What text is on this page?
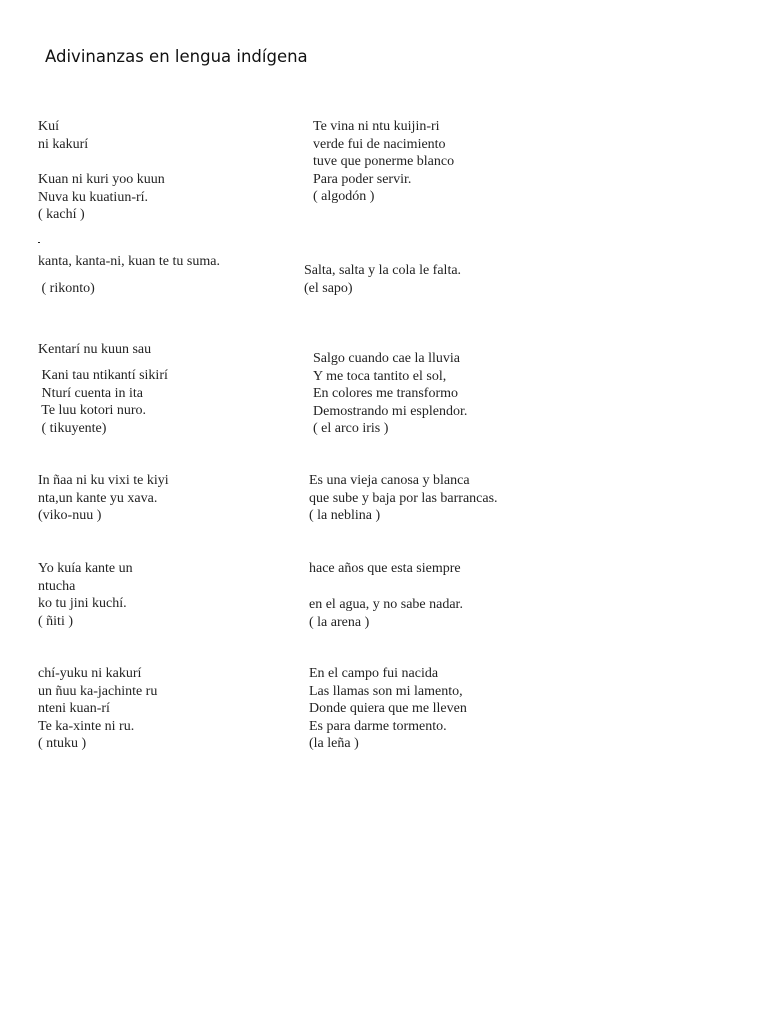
Adivinanzas en lengua indígena
Kuí
ni kakurí
Kuan ni kuri yoo kuun
Nuva ku kuatiun-rí.
( kachí )
kanta, kanta-ni, kuan te tu suma.
( rikonto)
Kentarí nu kuun sau
Kani tau ntikantí sikirí
Nturí cuenta in ita
Te luu kotori nuro.
( tikuyente)
In ñaa ni ku vixi te kiyi
nta,un kante yu xava.
(viko-nuu )
Yo kuía kante un
ntucha
ko tu jini kuchí.
( ñiti )
chí-yuku ni kakurí
un ñuu ka-jachinte ru
nteni kuan-rí
Te ka-xinte ni ru.
( ntuku )
Te vina ni ntu kuijin-ri
verde fui de nacimiento
tuve que ponerme blanco
Para poder servir.
( algodón )
Salta, salta y la cola le falta.
(el sapo)
Salgo cuando cae la lluvia
Y me toca tantito el sol,
En colores me transformo
Demostrando mi esplendor.
( el arco iris )
Es una vieja canosa y blanca
que sube y baja por las barrancas.
( la neblina )
hace años que esta siempre
en el agua, y no sabe nadar.
( la arena )
En el campo fui nacida
Las llamas son mi lamento,
Donde quiera que me lleven
Es para darme tormento.
(la leña )
